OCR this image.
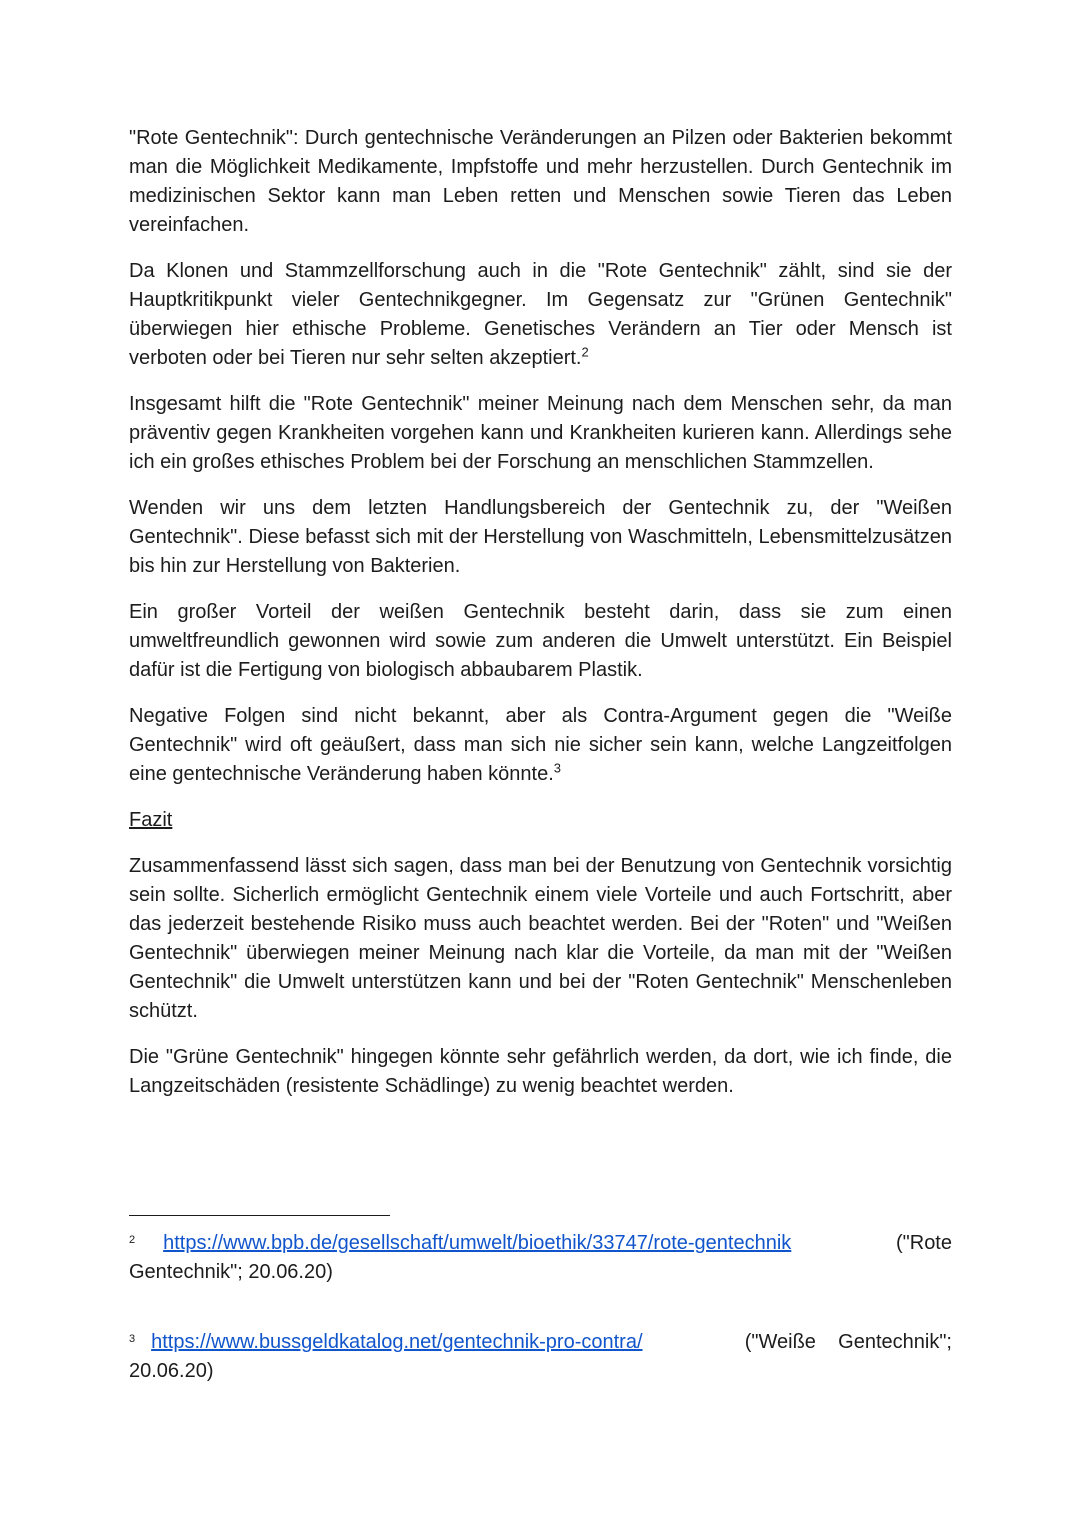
"Rote Gentechnik": Durch gentechnische Veränderungen an Pilzen oder Bakterien bekommt man die Möglichkeit Medikamente, Impfstoffe und mehr herzustellen. Durch Gentechnik im medizinischen Sektor kann man Leben retten und Menschen sowie Tieren das Leben vereinfachen.

Da Klonen und Stammzellforschung auch in die "Rote Gentechnik" zählt, sind sie der Hauptkritikpunkt vieler Gentechnikgegner. Im Gegensatz zur "Grünen Gentechnik" überwiegen hier ethische Probleme. Genetisches Verändern an Tier oder Mensch ist verboten oder bei Tieren nur sehr selten akzeptiert.$^2$

Insgesamt hilft die "Rote Gentechnik" meiner Meinung nach dem Menschen sehr, da man präventiv gegen Krankheiten vorgehen kann und Krankheiten kurieren kann. Allerdings sehe ich ein großes ethisches Problem bei der Forschung an menschlichen Stammzellen.

Wenden wir uns dem letzten Handlungsbereich der Gentechnik zu, der "Weißen Gentechnik". Diese befasst sich mit der Herstellung von Waschmitteln, Lebensmittelzusätzen bis hin zur Herstellung von Bakterien.

Ein großer Vorteil der weißen Gentechnik besteht darin, dass sie zum einen umweltfreundlich gewonnen wird sowie zum anderen die Umwelt unterstützt. Ein Beispiel dafür ist die Fertigung von biologisch abbaubarem Plastik.

Negative Folgen sind nicht bekannt, aber als Contra-Argument gegen die "Weiße Gentechnik" wird oft geäußert, dass man sich nie sicher sein kann, welche Langzeitfolgen eine gentechnische Veränderung haben könnte.$^3$

Fazit

Zusammenfassend lässt sich sagen, dass man bei der Benutzung von Gentechnik vorsichtig sein sollte. Sicherlich ermöglicht Gentechnik einem viele Vorteile und auch Fortschritt, aber das jederzeit bestehende Risiko muss auch beachtet werden. Bei der "Roten" und "Weißen Gentechnik" überwiegen meiner Meinung nach klar die Vorteile, da man mit der "Weißen Gentechnik" die Umwelt unterstützen kann und bei der "Roten Gentechnik" Menschenleben schützt.

Die "Grüne Gentechnik" hingegen könnte sehr gefährlich werden, da dort, wie ich finde, die Langzeitschäden (resistente Schädlinge) zu wenig beachtet werden.

$^2$ https://www.bpb.de/gesellschaft/umwelt/bioethik/33747/rote-gentechnik	("Rote
Gentechnik"; 20.06.20)
$^3$ https://www.bussgeldkatalog.net/gentechnik-pro-contra/	("Weiße    Gentechnik";
20.06.20)
